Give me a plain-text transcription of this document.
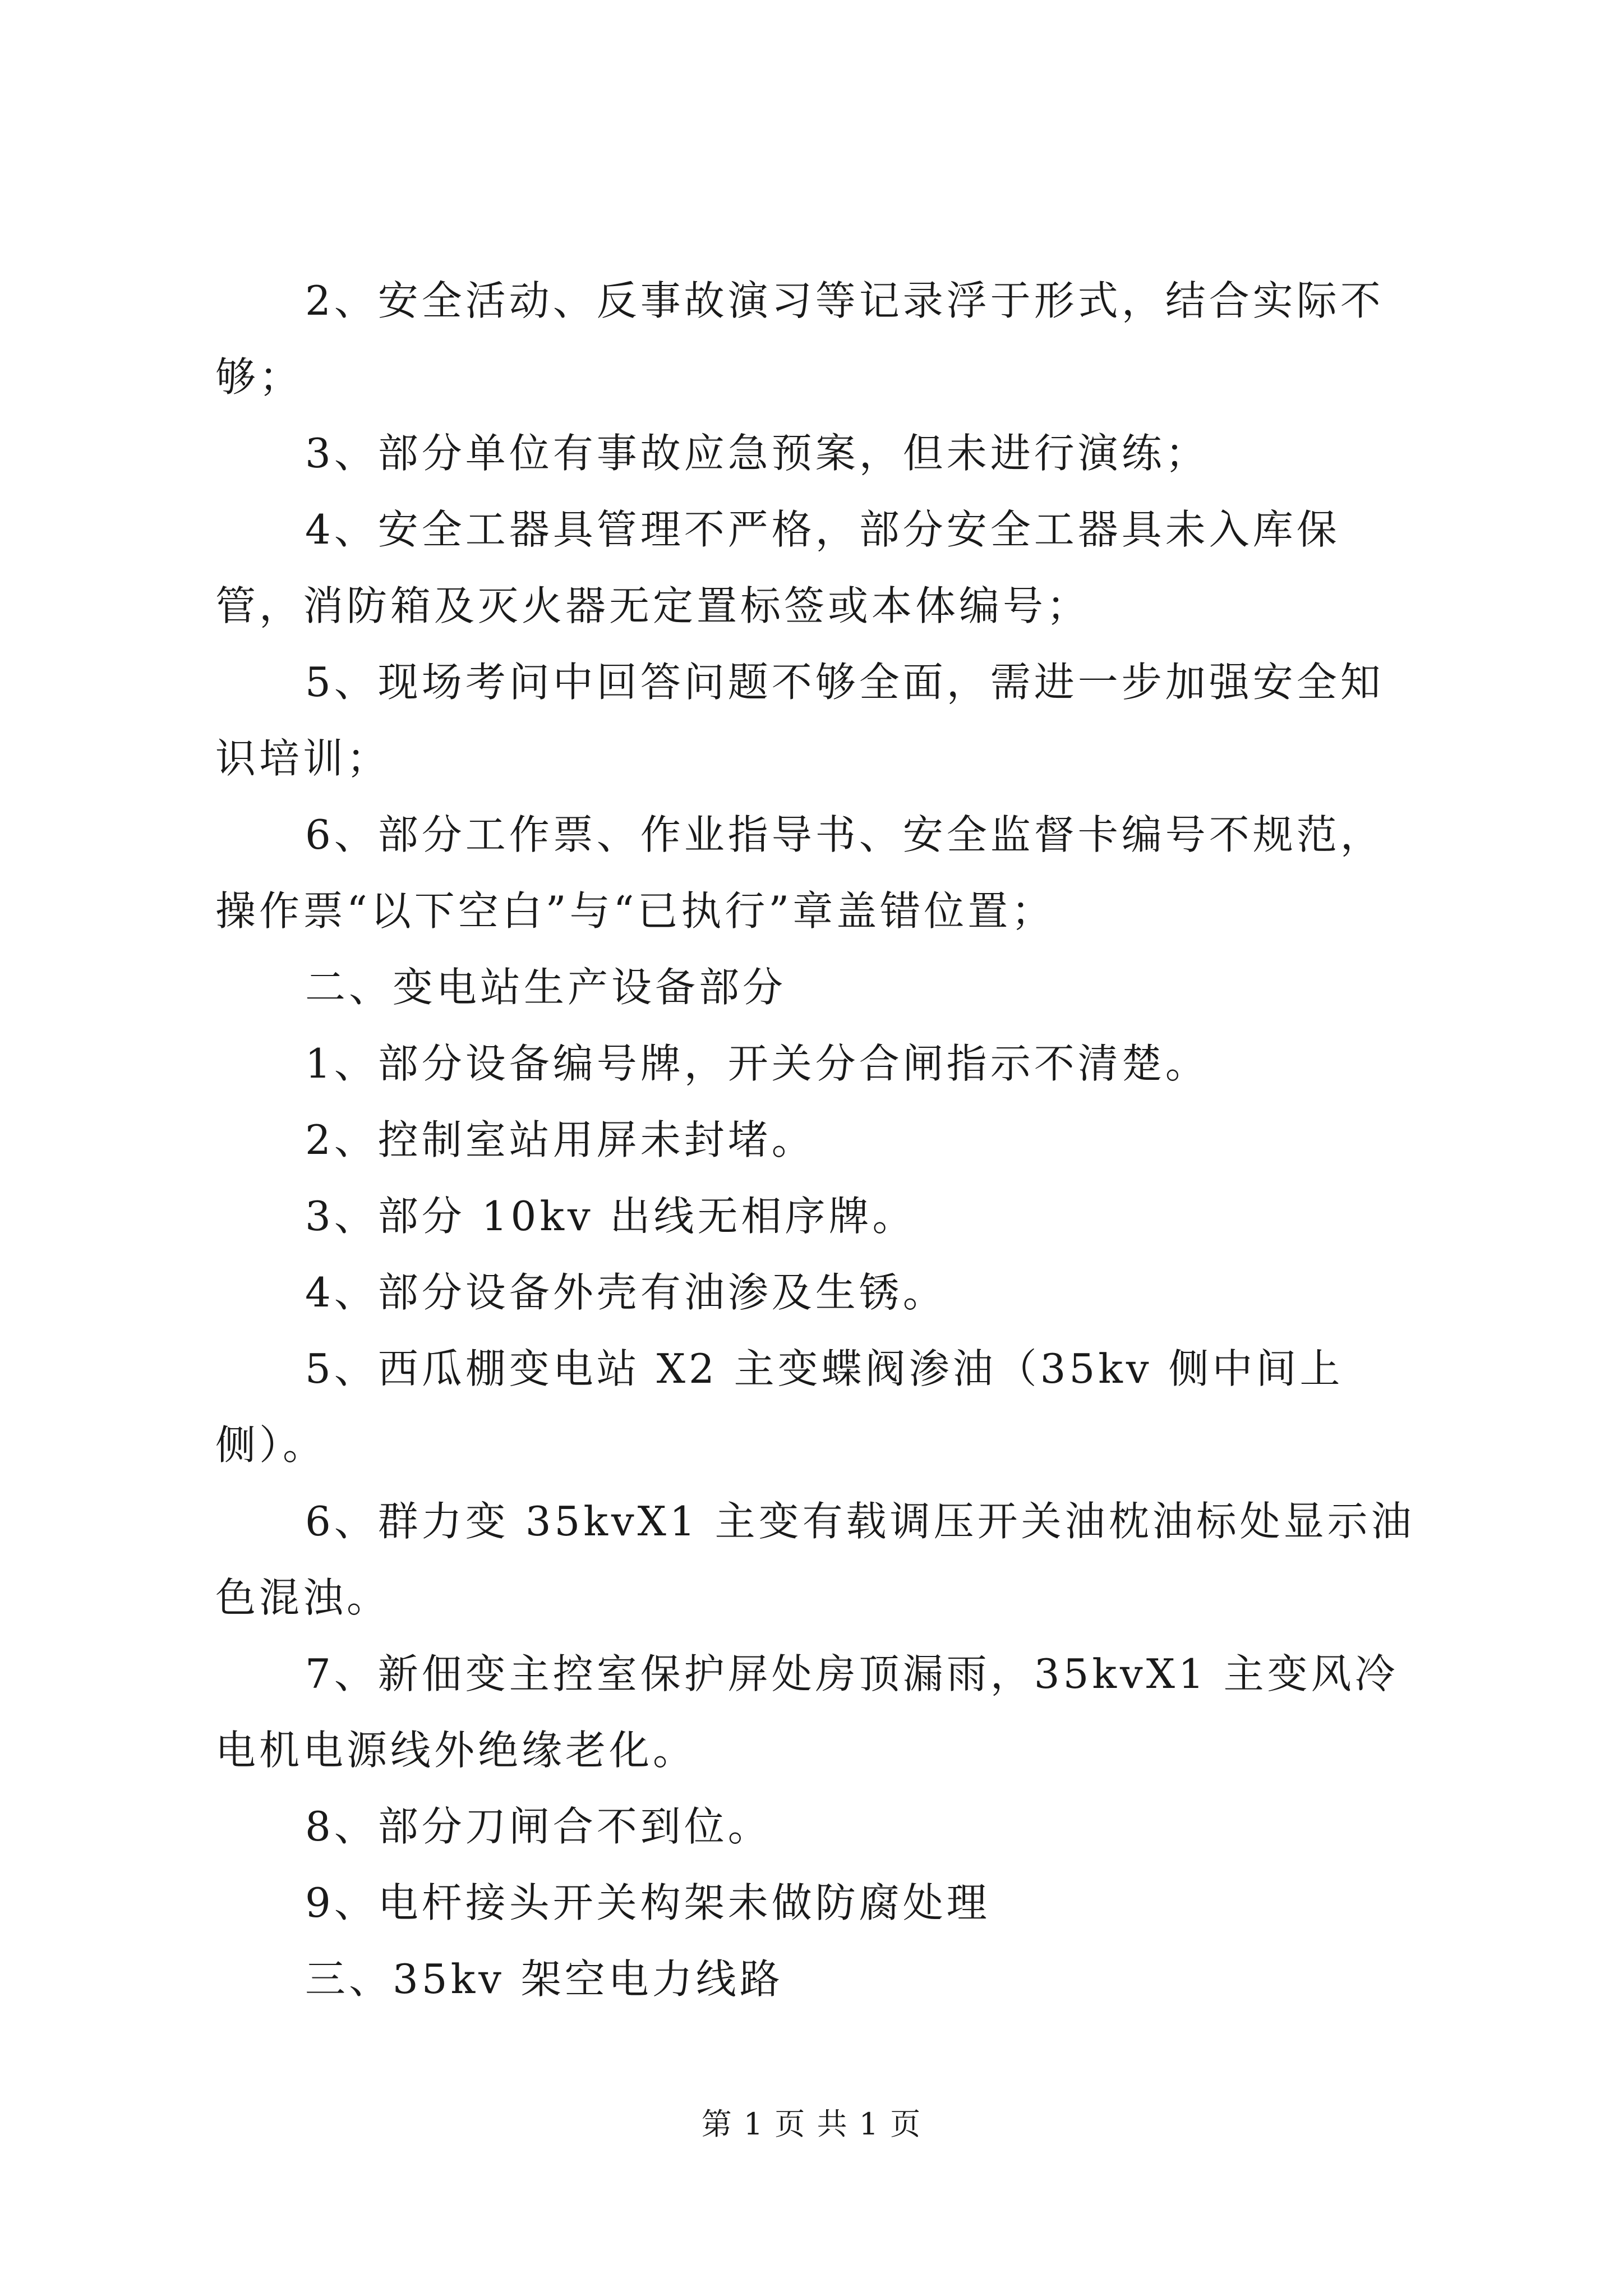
2、安全活动、反事故演习等记录浮于形式，结合实际不够；

3、部分单位有事故应急预案，但未进行演练；

4、安全工器具管理不严格，部分安全工器具未入库保管，消防箱及灭火器无定置标签或本体编号；

5、现场考问中回答问题不够全面，需进一步加强安全知识培训；

6、部分工作票、作业指导书、安全监督卡编号不规范，操作票“以下空白”与“已执行”章盖错位置；

二、变电站生产设备部分

1、部分设备编号牌，开关分合闸指示不清楚。

2、控制室站用屏未封堵。

3、部分 10kv 出线无相序牌。

4、部分设备外壳有油渗及生锈。

5、西瓜棚变电站 X2 主变蝶阀渗油（35kv 侧中间上侧）。

6、群力变 35kvX1 主变有载调压开关油枕油标处显示油色混浊。

7、新佃变主控室保护屏处房顶漏雨，35kvX1 主变风冷电机电源线外绝缘老化。

8、部分刀闸合不到位。

9、电杆接头开关构架未做防腐处理

三、35kv 架空电力线路

第 1 页 共 1 页
